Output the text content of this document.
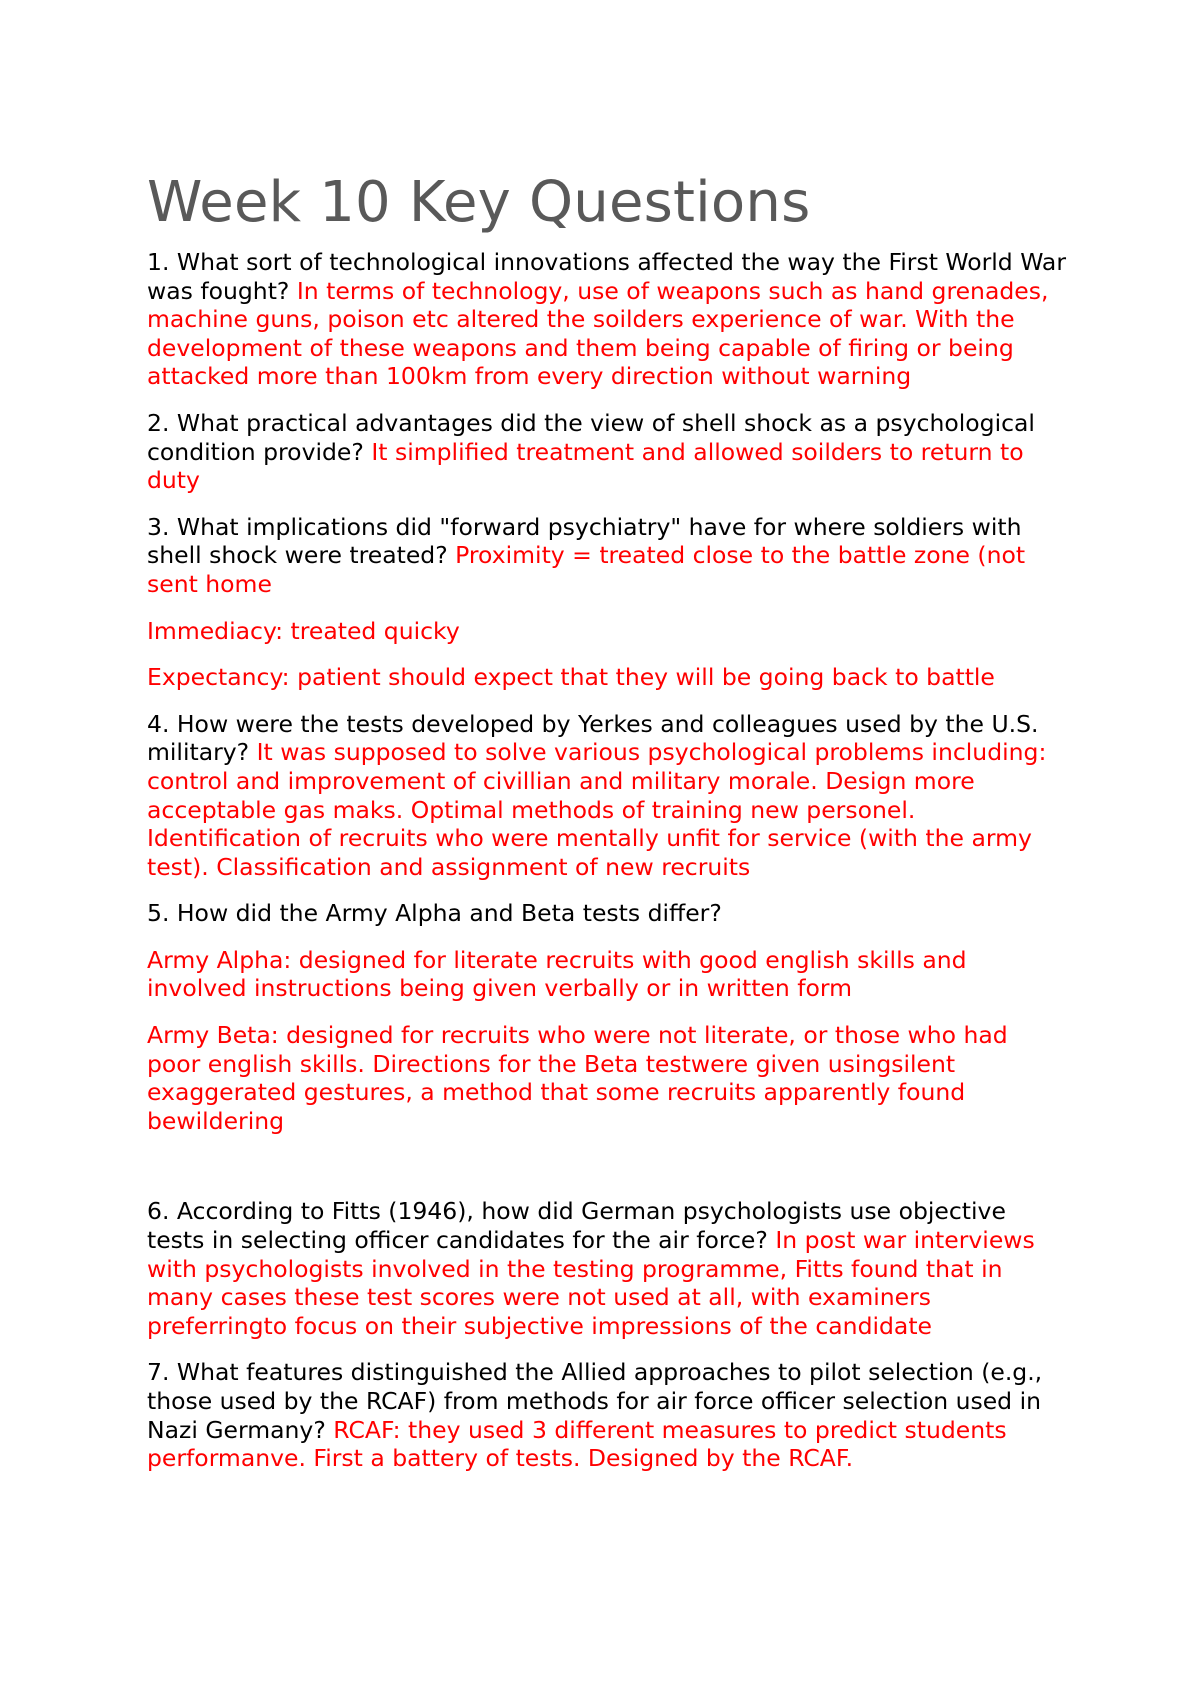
Week 10 Key Questions

1. What sort of technological innovations affected the way the First World War was fought? In terms of technology, use of weapons such as hand grenades, machine guns, poison etc altered the soilders experience of war. With the development of these weapons and them being capable of firing or being attacked more than 100km from every direction without warning

2. What practical advantages did the view of shell shock as a psychological condition provide? It simplified treatment and allowed soilders to return to duty

3. What implications did "forward psychiatry" have for where soldiers with shell shock were treated? Proximity = treated close to the battle zone (not sent home

Immediacy: treated quicky

Expectancy: patient should expect that they will be going back to battle

4. How were the tests developed by Yerkes and colleagues used by the U.S. military? It was supposed to solve various psychological problems including: control and improvement of civillian and military morale. Design more acceptable gas maks. Optimal methods of training new personel. Identification of recruits who were mentally unfit for service (with the army test). Classification and assignment of new recruits

5. How did the Army Alpha and Beta tests differ?

Army Alpha: designed for literate recruits with good english skills and involved instructions being given verbally or in written form

Army Beta: designed for recruits who were not literate, or those who had poor english skills. Directions for the Beta testwere given usingsilent exaggerated gestures, a method that some recruits apparently found bewildering

6. According to Fitts (1946), how did German psychologists use objective tests in selecting officer candidates for the air force? In post war interviews with psychologists involved in the testing programme, Fitts found that in many cases these test scores were not used at all, with examiners preferringto focus on their subjective impressions of the candidate

7. What features distinguished the Allied approaches to pilot selection (e.g., those used by the RCAF) from methods for air force officer selection used in Nazi Germany? RCAF: they used 3 different measures to predict students performanve. First a battery of tests. Designed by the RCAF.
